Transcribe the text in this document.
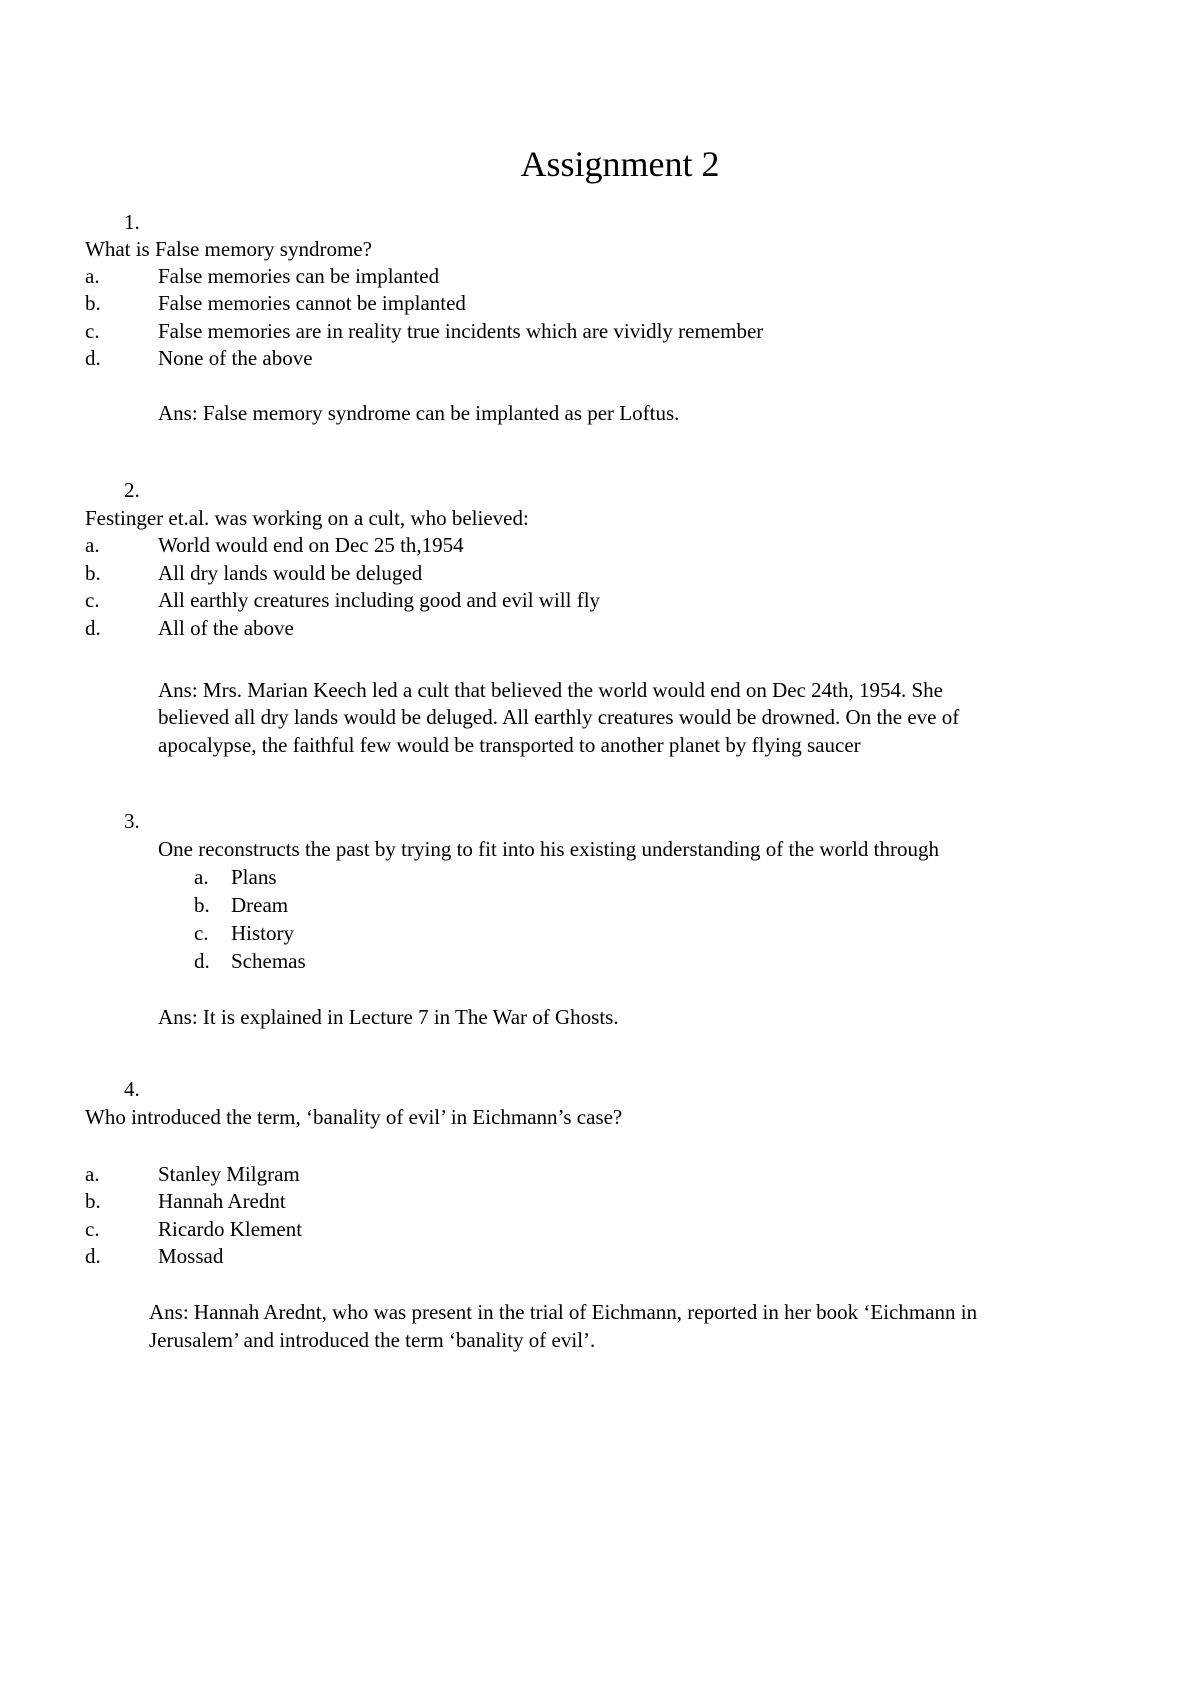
Assignment 2
1.
What is False memory syndrome?
a.	False memories can be implanted
b.	False memories cannot be implanted
c.	False memories are in reality true incidents which are vividly remember
d.	None of the above
Ans: False memory syndrome can be implanted as per Loftus.
2.
Festinger et.al. was working on a cult, who believed:
a.	World would end on Dec 25 th,1954
b.	All dry lands would be deluged
c.	All earthly creatures including good and evil will fly
d.	All of the above
Ans: Mrs. Marian Keech led a cult that believed the world would end on Dec 24th, 1954. She
believed all dry lands would be deluged. All earthly creatures would be drowned. On the eve of
apocalypse, the faithful few would be transported to another planet by flying saucer
3.
One reconstructs the past by trying to fit into his existing understanding of the world through
a. Plans
b. Dream
c. History
d. Schemas
Ans: It is explained in Lecture 7 in The War of Ghosts.
4.
Who introduced the term, ‘banality of evil’ in Eichmann’s case?
a.	Stanley Milgram
b.	Hannah Arednt
c.	Ricardo Klement
d.	Mossad
Ans: Hannah Arednt, who was present in the trial of Eichmann, reported in her book ‘Eichmann in
Jerusalem’ and introduced the term ‘banality of evil’.
